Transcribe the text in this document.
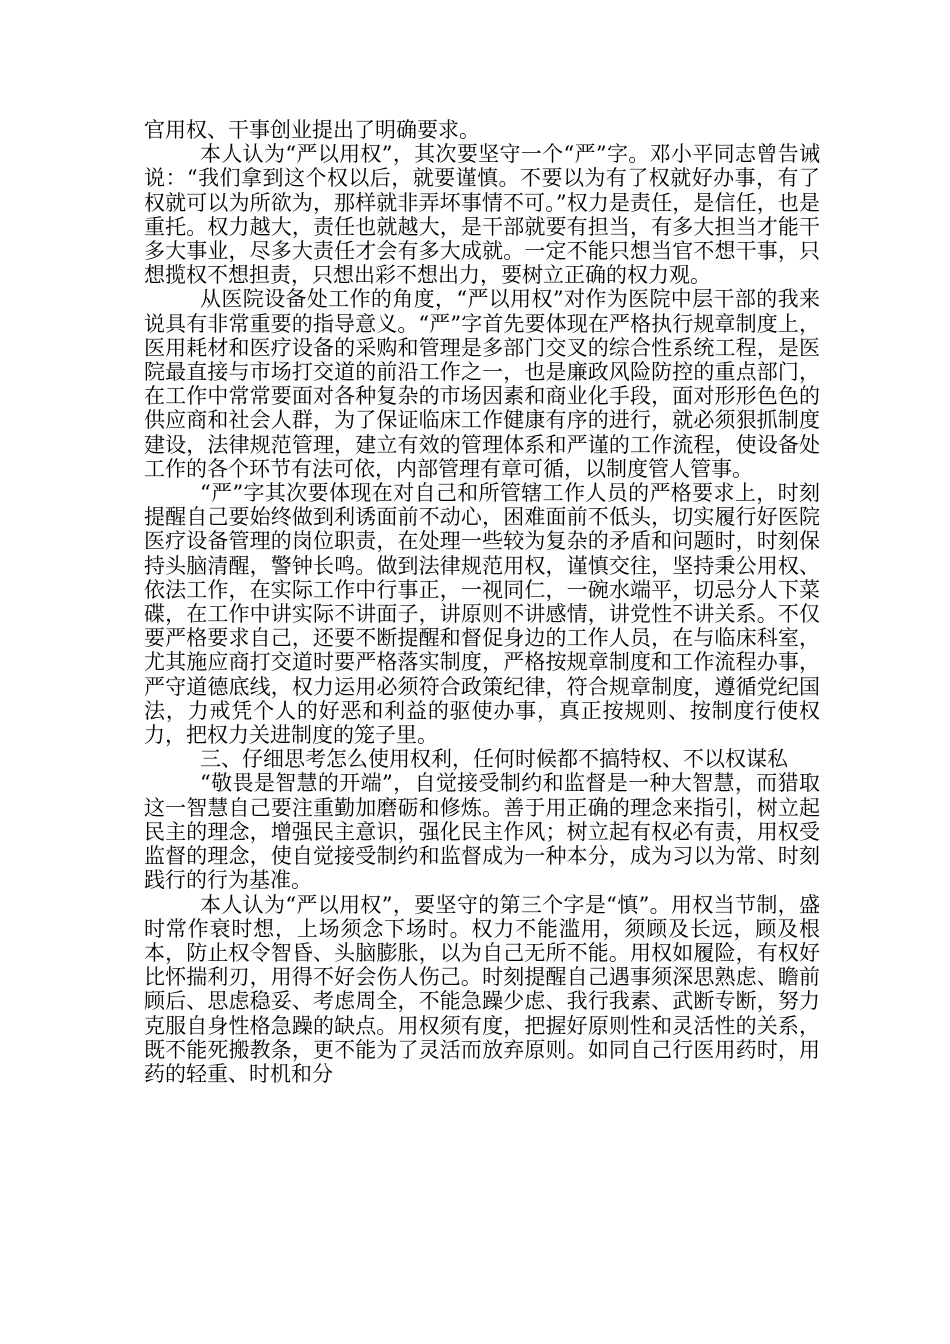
官用权、干事创业提出了明确要求。

本人认为“严以用权”，其次要坚守一个“严”字。邓小平同志曾告诫说：“我们拿到这个权以后，就要谨慎。不要以为有了权就好办事，有了权就可以为所欲为，那样就非弄坏事情不可。”权力是责任，是信任，也是重托。权力越大，责任也就越大，是干部就要有担当，有多大担当才能干多大事业，尽多大责任才会有多大成就。一定不能只想当官不想干事，只想揽权不想担责，只想出彩不想出力，要树立正确的权力观。

从医院设备处工作的角度，“严以用权”对作为医院中层干部的我来说具有非常重要的指导意义。“严”字首先要体现在严格执行规章制度上，医用耗材和医疗设备的采购和管理是多部门交叉的综合性系统工程，是医院最直接与市场打交道的前沿工作之一，也是廉政风险防控的重点部门，在工作中常常要面对各种复杂的市场因素和商业化手段，面对形形色色的供应商和社会人群，为了保证临床工作健康有序的进行，就必须狠抓制度建设，法律规范管理，建立有效的管理体系和严谨的工作流程，使设备处工作的各个环节有法可依，内部管理有章可循，以制度管人管事。

“严”字其次要体现在对自己和所管辖工作人员的严格要求上，时刻提醒自己要始终做到利诱面前不动心，困难面前不低头，切实履行好医院医疗设备管理的岗位职责，在处理一些较为复杂的矛盾和问题时，时刻保持头脑清醒，警钟长鸣。做到法律规范用权，谨慎交往，坚持秉公用权、依法工作，在实际工作中行事正，一视同仁，一碗水端平，切忌分人下菜碟，在工作中讲实际不讲面子，讲原则不讲感情，讲党性不讲关系。不仅要严格要求自己，还要不断提醒和督促身边的工作人员，在与临床科室，尤其施应商打交道时要严格落实制度，严格按规章制度和工作流程办事，严守道德底线，权力运用必须符合政策纪律，符合规章制度，遵循党纪国法，力戒凭个人的好恶和利益的驱使办事，真正按规则、按制度行使权力，把权力关进制度的笼子里。

三、仔细思考怎么使用权利，任何时候都不搞特权、不以权谋私

“敬畏是智慧的开端”，自觉接受制约和监督是一种大智慧，而猎取这一智慧自己要注重勤加磨砺和修炼。善于用正确的理念来指引，树立起民主的理念，增强民主意识，强化民主作风；树立起有权必有责，用权受监督的理念，使自觉接受制约和监督成为一种本分，成为习以为常、时刻践行的行为基准。

本人认为“严以用权”，要坚守的第三个字是“慎”。用权当节制，盛时常作衰时想，上场须念下场时。权力不能滥用，须顾及长远，顾及根本，防止权令智昏、头脑膨胀，以为自己无所不能。用权如履险，有权好比怀揣利刃，用得不好会伤人伤己。时刻提醒自己遇事须深思熟虑、瞻前顾后、思虑稳妥、考虑周全，不能急躁少虑、我行我素、武断专断，努力克服自身性格急躁的缺点。用权须有度，把握好原则性和灵活性的关系，既不能死搬教条，更不能为了灵活而放弃原则。如同自己行医用药时，用药的轻重、时机和分
